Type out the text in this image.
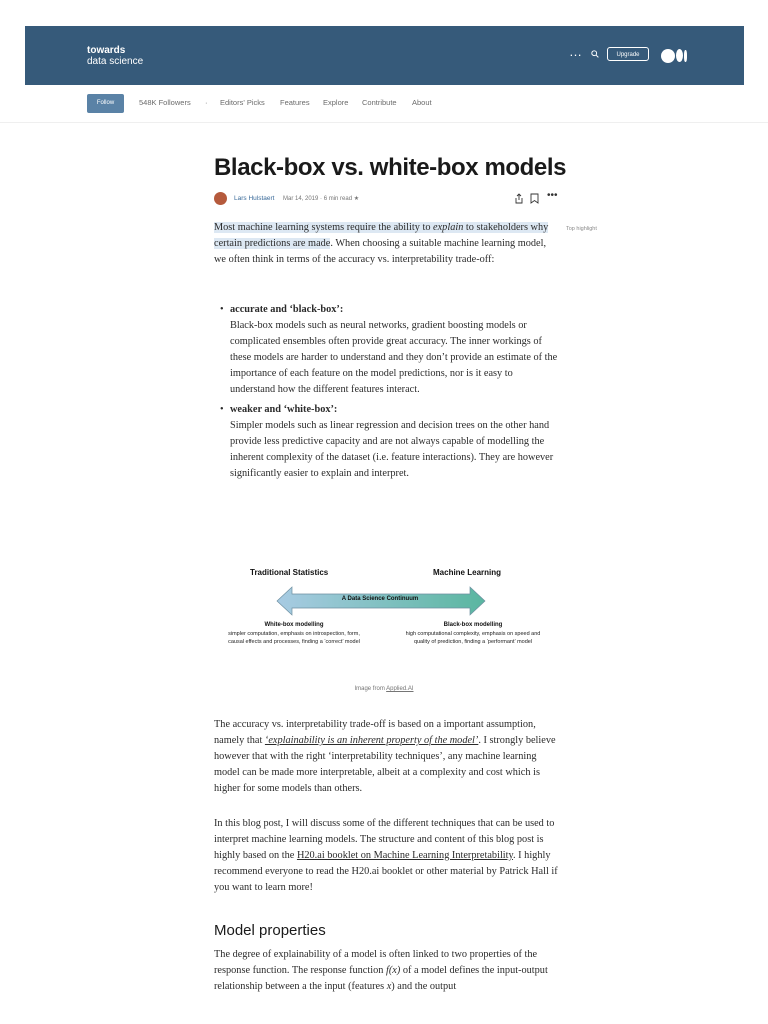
towards
data science
…	Upgrade
Follow	548K Followers · Editors' Picks Features Explore Contribute About
Black-box vs. white-box models
Lars Hulstaert Mar 14, 2019 · 6 min read ★	•••

Most machine learning systems require the ability to explain to stakeholders why certain predictions are made. When choosing a suitable machine learning model, we often think in terms of the accuracy vs. interpretability trade-off:

Top highlight
• accurate and ‘black-box’:
Black-box models such as neural networks, gradient boosting models or complicated ensembles often provide great accuracy. The inner workings of these models are harder to understand and they don’t provide an estimate of the importance of each feature on the model predictions, nor is it easy to understand how the different features interact.
• weaker and ‘white-box’:
Simpler models such as linear regression and decision trees on the other hand provide less predictive capacity and are not always capable of modelling the inherent complexity of the dataset (i.e. feature interactions). They are however significantly easier to explain and interpret.
Traditional Statistics	Machine Learning
A Data Science Continuum
White-box modelling
simpler computation, emphasis on introspection, form, causal effects and processes, finding a ‘correct’ model
Black-box modelling
high computational complexity, emphasis on speed and quality of prediction, finding a ‘performant’ model
Image from Applied.AI

The accuracy vs. interpretability trade-off is based on a important assumption, namely that ‘explainability is an inherent property of the model’. I strongly believe however that with the right ‘interpretability techniques’, any machine learning model can be made more interpretable, albeit at a complexity and cost which is higher for some models than others.

In this blog post, I will discuss some of the different techniques that can be used to interpret machine learning models. The structure and content of this blog post is highly based on the H20.ai booklet on Machine Learning Interpretability. I highly recommend everyone to read the H20.ai booklet or other material by Patrick Hall if you want to learn more!

Model properties

The degree of explainability of a model is often linked to two properties of the response function. The response function f(x) of a model defines the input-output relationship between a the input (features x) and the output
